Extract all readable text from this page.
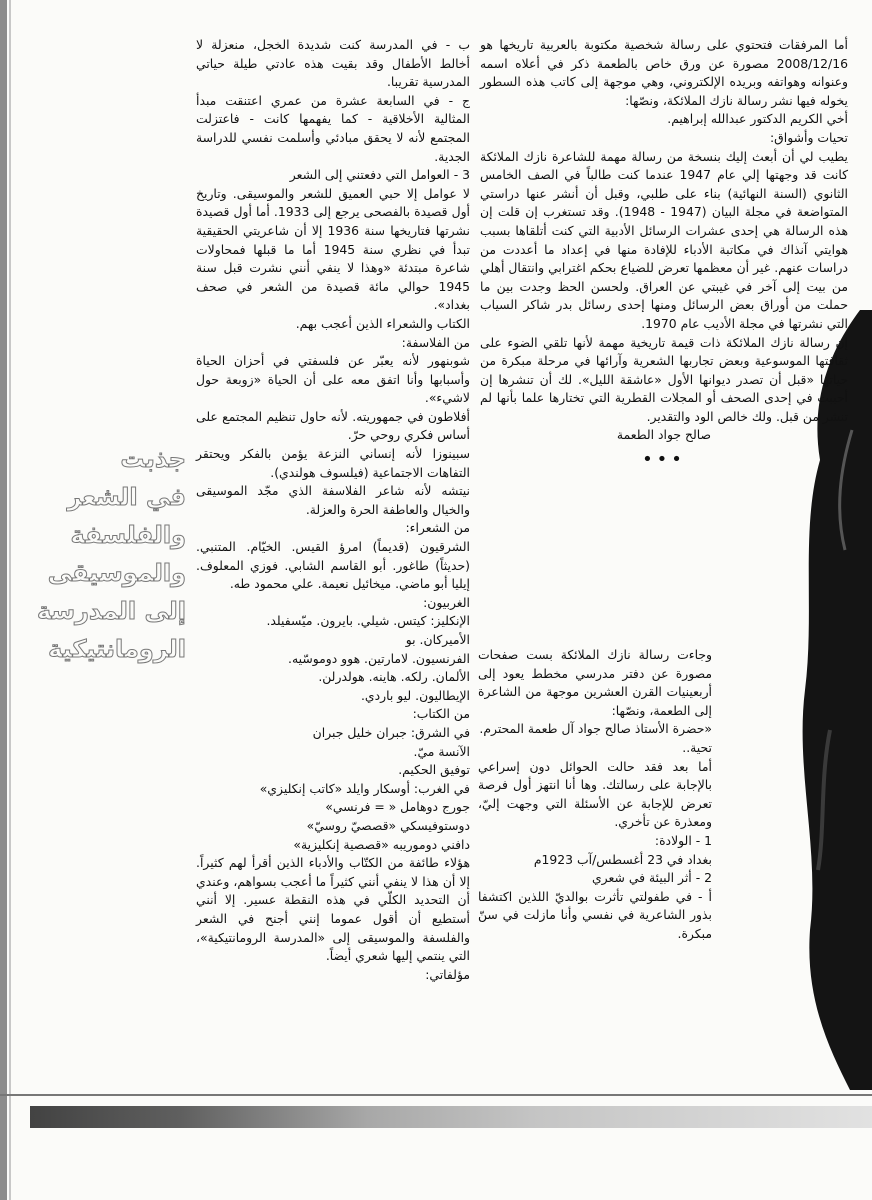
أما المرفقات فتحتوي على رسالة شخصية مكتوبة بالعربية تاريخها هو 2008/12/16 مصورة عن ورق خاص بالطعمة ذكر في أعلاه اسمه وعنوانه وهواتفه وبريده الإلكتروني، وهي موجهة إلى كاتب هذه السطور يخوله فيها نشر رسالة نازك الملائكة، ونصّها:

أخي الكريم الدكتور عبدالله إبراهيم.

تحيات وأشواق:

يطيب لي أن أبعث إليك بنسخة من رسالة مهمة للشاعرة نازك الملائكة كانت قد وجهتها إلي عام 1947 عندما كنت طالباً في الصف الخامس الثانوي (السنة النهائية) بناء على طلبي، وقبل أن أنشر عنها دراستي المتواضعة في مجلة البيان (1947 - 1948). وقد تستغرب إن قلت إن هذه الرسالة هي إحدى عشرات الرسائل الأدبية التي كنت أتلقاها بسبب هوايتي آنذاك في مكاتبة الأدباء للإفادة منها في إعداد ما أعددت من دراسات عنهم. غير أن معظمها تعرض للضياع بحكم اغترابي وانتقال أهلي من بيت إلى آخر في غيبتي عن العراق. ولحسن الحظ وجدت بين ما حملت من أوراق بعض الرسائل ومنها إحدى رسائل بدر شاكر السياب التي نشرتها في مجلة الأديب عام 1970.

إن رسالة نازك الملائكة ذات قيمة تاريخية مهمة لأنها تلقي الضوء على ثقافتها الموسوعية وبعض تجاربها الشعرية وآرائها في مرحلة مبكرة من حياتها «قبل أن تصدر ديوانها الأول «عاشقة الليل». لك أن تنشرها إن أحببت في إحدى الصحف أو المجلات القطرية التي تختارها علما بأنها لم تنشر من قبل. ولك خالص الود والتقدير.

صالح جواد الطعمة

•••

وجاءت رسالة نازك الملائكة بست صفحات مصورة عن دفتر مدرسي مخطط يعود إلى أربعينيات القرن العشرين موجهة من الشاعرة إلى الطعمة، ونصّها:

«حضرة الأستاذ صالح جواد آل طعمة المحترم.

تحية..

أما بعد فقد حالت الحوائل دون إسراعي بالإجابة على رسالتك. وها أنا انتهز أول فرصة تعرض للإجابة عن الأسئلة التي وجهت إليّ، ومعذرة عن تأخري.

1 - الولادة:

بغداد في 23 أغسطس/آب 1923م

2 - أثر البيئة في شعري

أ - في طفولتي تأثرت بوالديّ اللذين اكتشفا بذور الشاعرية في نفسي وأنا مازلت في سنّ مبكرة.

ب - في المدرسة كنت شديدة الخجل، منعزلة لا أخالط الأطفال وقد بقيت هذه عادتي طيلة حياتي المدرسية تقريبا.

ج - في السابعة عشرة من عمري اعتنقت مبدأ المثالية الأخلاقية - كما يفهمها كانت - فاعتزلت المجتمع لأنه لا يحقق مبادئي وأسلمت نفسي للدراسة الجدية.

3 - العوامل التي دفعتني إلى الشعر

لا عوامل إلا حبي العميق للشعر والموسيقى. وتاريخ أول قصيدة بالفصحى يرجع إلى 1933. أما أول قصيدة نشرتها فتاريخها سنة 1936 إلا أن شاعريتي الحقيقية تبدأ في نظري سنة 1945 أما ما قبلها فمحاولات شاعرة مبتدئة «وهذا لا ينفي أنني نشرت قبل سنة 1945 حوالي مائة قصيدة من الشعر في صحف بغداد».

الكتاب والشعراء الذين أعجب بهم.

من الفلاسفة:

شوبنهور لأنه يعبّر عن فلسفتي في أحزان الحياة وأسبابها وأنا اتفق معه على أن الحياة «زوبعة حول لاشيء».

أفلاطون في جمهوريته. لأنه حاول تنظيم المجتمع على أساس فكري روحي حرّ.

سبينوزا لأنه إنساني النزعة يؤمن بالفكر ويحتقر التفاهات الاجتماعية (فيلسوف هولندي).

نيتشه لأنه شاعر الفلاسفة الذي مجّد الموسيقى والخيال والعاطفة الحرة والعزلة.

من الشعراء:

الشرقيون (قديماً) امرؤ القيس. الخيّام. المتنبي. (حديثاً) طاغور. أبو القاسم الشابي. فوزي المعلوف. إيليا أبو ماضي. ميخائيل نعيمة. علي محمود طه.

الغربيون:

الإنكليز: كيتس. شيلي. بايرون. ميّسفيلد.

الأميركان. بو

الفرنسيون. لامارتين. هوو دوموسّيه.

الألمان. رلكه. هاينه. هولدرلن.

الإيطاليون. ليو باردي.

من الكتاب:

في الشرق: جبران خليل جبران

الآنسة ميّ.

توفيق الحكيم.

في الغرب: أوسكار وايلد «كاتب إنكليزي»

جورج دوهامل « = فرنسي»

دوستوفيسكي «قصصيّ روسيّ»

دافني دوموريبه «قصصية إنكليزية»

هؤلاء طائفة من الكتّاب والأدباء الذين أقرأ لهم كثيراً. إلا أن هذا لا ينفي أنني كثيراً ما أعجب بسواهم، وعندي أن التحديد الكلّي في هذه النقطة عسير. إلا أنني أستطيع أن أقول عموما إنني أجنح في الشعر والفلسفة والموسيقى إلى «المدرسة الرومانتيكية»، التي ينتمي إليها شعري أيضاً.

مؤلفاتي:

جذبت
في الشعر
والفلسفة
والموسيقى
إلى المدرسة
الرومانتيكية
